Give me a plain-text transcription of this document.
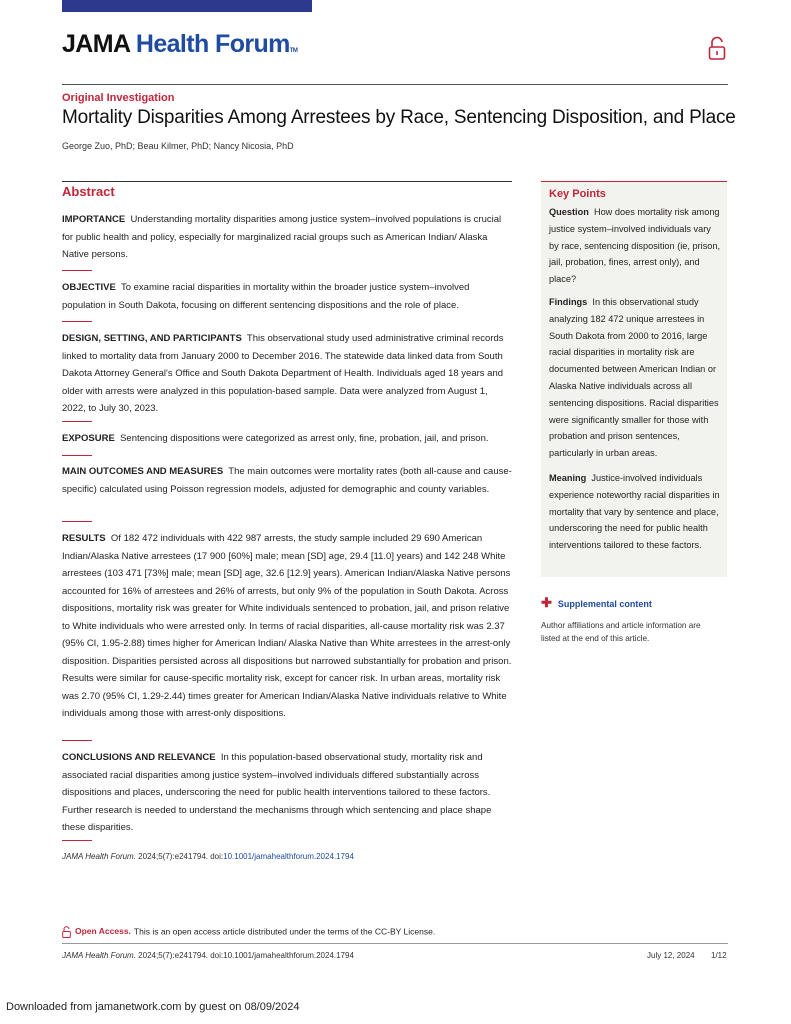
JAMA Health ForumTM
Original Investigation
Mortality Disparities Among Arrestees by Race, Sentencing Disposition, and Place
George Zuo, PhD; Beau Kilmer, PhD; Nancy Nicosia, PhD
Abstract
IMPORTANCE Understanding mortality disparities among justice system–involved populations is crucial for public health and policy, especially for marginalized racial groups such as American Indian/ Alaska Native persons.
OBJECTIVE To examine racial disparities in mortality within the broader justice system–involved population in South Dakota, focusing on different sentencing dispositions and the role of place.
DESIGN, SETTING, AND PARTICIPANTS This observational study used administrative criminal records linked to mortality data from January 2000 to December 2016. The statewide data linked data from South Dakota Attorney General's Office and South Dakota Department of Health. Individuals aged 18 years and older with arrests were analyzed in this population-based sample. Data were analyzed from August 1, 2022, to July 30, 2023.
EXPOSURE Sentencing dispositions were categorized as arrest only, fine, probation, jail, and prison.
MAIN OUTCOMES AND MEASURES The main outcomes were mortality rates (both all-cause and cause-specific) calculated using Poisson regression models, adjusted for demographic and county variables.
RESULTS Of 182 472 individuals with 422 987 arrests, the study sample included 29 690 American Indian/Alaska Native arrestees (17 900 [60%] male; mean [SD] age, 29.4 [11.0] years) and 142 248 White arrestees (103 471 [73%] male; mean [SD] age, 32.6 [12.9] years). American Indian/Alaska Native persons accounted for 16% of arrestees and 26% of arrests, but only 9% of the population in South Dakota. Across dispositions, mortality risk was greater for White individuals sentenced to probation, jail, and prison relative to White individuals who were arrested only. In terms of racial disparities, all-cause mortality risk was 2.37 (95% CI, 1.95-2.88) times higher for American Indian/ Alaska Native than White arrestees in the arrest-only disposition. Disparities persisted across all dispositions but narrowed substantially for probation and prison. Results were similar for cause-specific mortality risk, except for cancer risk. In urban areas, mortality risk was 2.70 (95% CI, 1.29-2.44) times greater for American Indian/Alaska Native individuals relative to White individuals among those with arrest-only dispositions.
CONCLUSIONS AND RELEVANCE In this population-based observational study, mortality risk and associated racial disparities among justice system–involved individuals differed substantially across dispositions and places, underscoring the need for public health interventions tailored to these factors. Further research is needed to understand the mechanisms through which sentencing and place shape these disparities.
JAMA Health Forum. 2024;5(7):e241794. doi:10.1001/jamahealthforum.2024.1794
Key Points
Question How does mortality risk among justice system–involved individuals vary by race, sentencing disposition (ie, prison, jail, probation, fines, arrest only), and place?
Findings In this observational study analyzing 182 472 unique arrestees in South Dakota from 2000 to 2016, large racial disparities in mortality risk are documented between American Indian or Alaska Native individuals across all sentencing dispositions. Racial disparities were significantly smaller for those with probation and prison sentences, particularly in urban areas.
Meaning Justice-involved individuals experience noteworthy racial disparities in mortality that vary by sentence and place, underscoring the need for public health interventions tailored to these factors.
✚ Supplemental content
Author affiliations and article information are listed at the end of this article.
Open Access. This is an open access article distributed under the terms of the CC-BY License.
JAMA Health Forum. 2024;5(7):e241794. doi:10.1001/jamahealthforum.2024.1794	July 12, 2024 1/12
Downloaded from jamanetwork.com by guest on 08/09/2024
